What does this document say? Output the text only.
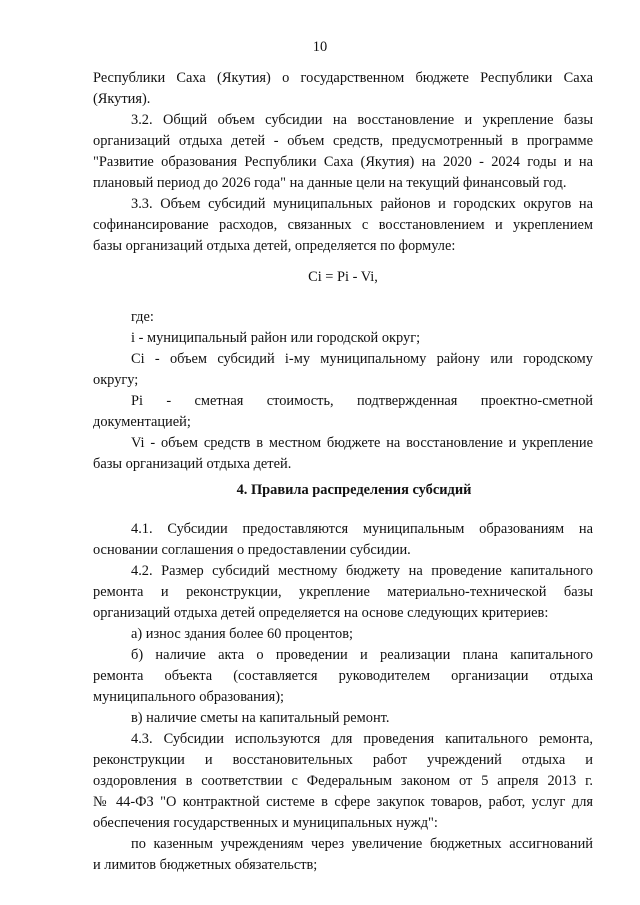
10
Республики Саха (Якутия) о государственном бюджете Республики Саха
(Якутия).
3.2. Общий объем субсидии на восстановление и укрепление базы
организаций отдыха детей - объем средств, предусмотренный в программе
"Развитие образования Республики Саха (Якутия) на 2020 - 2024 годы и на
плановый период до 2026 года" на данные цели на текущий финансовый год.
3.3. Объем субсидий муниципальных районов и городских округов на
софинансирование расходов, связанных с восстановлением и укреплением
базы организаций отдыха детей, определяется по формуле:
Ci = Pi - Vi,
где:
i - муниципальный район или городской округ;
Ci - объем субсидий i-му муниципальному району или городскому
округу;
Pi - сметная стоимость, подтвержденная проектно-сметной
документацией;
Vi - объем средств в местном бюджете на восстановление и укрепление
базы организаций отдыха детей.
4. Правила распределения субсидий
4.1. Субсидии предоставляются муниципальным образованиям на
основании соглашения о предоставлении субсидии.
4.2. Размер субсидий местному бюджету на проведение капитального
ремонта и реконструкции, укрепление материально-технической базы
организаций отдыха детей определяется на основе следующих критериев:
а) износ здания более 60 процентов;
б) наличие акта о проведении и реализации плана капитального
ремонта объекта (составляется руководителем организации отдыха
муниципального образования);
в) наличие сметы на капитальный ремонт.
4.3. Субсидии используются для проведения капитального ремонта,
реконструкции и восстановительных работ учреждений отдыха и
оздоровления в соответствии с Федеральным законом от 5 апреля 2013 г.
№ 44-ФЗ "О контрактной системе в сфере закупок товаров, работ, услуг для
обеспечения государственных и муниципальных нужд":
по казенным учреждениям через увеличение бюджетных ассигнований
и лимитов бюджетных обязательств;
